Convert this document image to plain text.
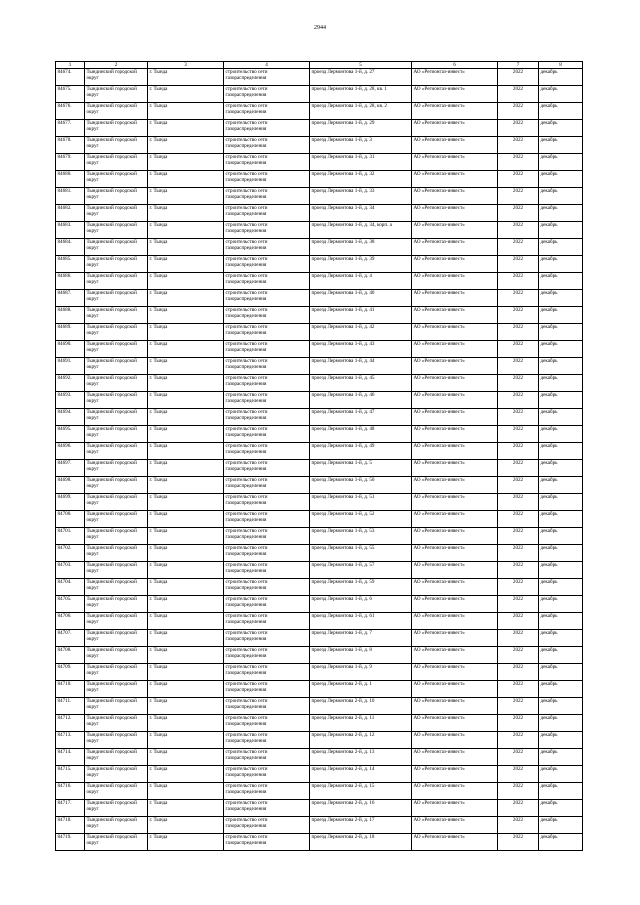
2944
1	2	3	4	5	6	7	8
84674.	Тындинский городской округ	г. Тында	строительство сети газораспределения	проезд Лермонтова 1-й, д. 27	АО «Регионгаз-инвест»	2022	декабрь
84675.	Тындинский городской округ	г. Тында	строительство сети газораспределения	проезд Лермонтова 1-й, д. 28, кв. 1	АО «Регионгаз-инвест»	2022	декабрь
84676.	Тындинский городской округ	г. Тында	строительство сети газораспределения	проезд Лермонтова 1-й, д. 28, кв. 2	АО «Регионгаз-инвест»	2022	декабрь
84677.	Тындинский городской округ	г. Тында	строительство сети газораспределения	проезд Лермонтова 1-й, д. 29	АО «Регионгаз-инвест»	2022	декабрь
84678.	Тындинский городской округ	г. Тында	строительство сети газораспределения	проезд Лермонтова 1-й, д. 3	АО «Регионгаз-инвест»	2022	декабрь
84679.	Тындинский городской округ	г. Тында	строительство сети газораспределения	проезд Лермонтова 1-й, д. 31	АО «Регионгаз-инвест»	2022	декабрь
84680.	Тындинский городской округ	г. Тында	строительство сети газораспределения	проезд Лермонтова 1-й, д. 32	АО «Регионгаз-инвест»	2022	декабрь
84681.	Тындинский городской округ	г. Тында	строительство сети газораспределения	проезд Лермонтова 1-й, д. 33	АО «Регионгаз-инвест»	2022	декабрь
84682.	Тындинский городской округ	г. Тында	строительство сети газораспределения	проезд Лермонтова 1-й, д. 34	АО «Регионгаз-инвест»	2022	декабрь
84683.	Тындинский городской округ	г. Тында	строительство сети газораспределения	проезд Лермонтова 1-й, д. 34, корп. а	АО «Регионгаз-инвест»	2022	декабрь
84684.	Тындинский городской округ	г. Тында	строительство сети газораспределения	проезд Лермонтова 1-й, д. 38	АО «Регионгаз-инвест»	2022	декабрь
84685.	Тындинский городской округ	г. Тында	строительство сети газораспределения	проезд Лермонтова 1-й, д. 39	АО «Регионгаз-инвест»	2022	декабрь
84686.	Тындинский городской округ	г. Тында	строительство сети газораспределения	проезд Лермонтова 1-й, д. 4	АО «Регионгаз-инвест»	2022	декабрь
84687.	Тындинский городской округ	г. Тында	строительство сети газораспределения	проезд Лермонтова 1-й, д. 40	АО «Регионгаз-инвест»	2022	декабрь
84688.	Тындинский городской округ	г. Тында	строительство сети газораспределения	проезд Лермонтова 1-й, д. 41	АО «Регионгаз-инвест»	2022	декабрь
84689.	Тындинский городской округ	г. Тында	строительство сети газораспределения	проезд Лермонтова 1-й, д. 42	АО «Регионгаз-инвест»	2022	декабрь
84690.	Тындинский городской округ	г. Тында	строительство сети газораспределения	проезд Лермонтова 1-й, д. 43	АО «Регионгаз-инвест»	2022	декабрь
84691.	Тындинский городской округ	г. Тында	строительство сети газораспределения	проезд Лермонтова 1-й, д. 44	АО «Регионгаз-инвест»	2022	декабрь
84692.	Тындинский городской округ	г. Тында	строительство сети газораспределения	проезд Лермонтова 1-й, д. 45	АО «Регионгаз-инвест»	2022	декабрь
84693.	Тындинский городской округ	г. Тында	строительство сети газораспределения	проезд Лермонтова 1-й, д. 46	АО «Регионгаз-инвест»	2022	декабрь
84694.	Тындинский городской округ	г. Тында	строительство сети газораспределения	проезд Лермонтова 1-й, д. 47	АО «Регионгаз-инвест»	2022	декабрь
84695.	Тындинский городской округ	г. Тында	строительство сети газораспределения	проезд Лермонтова 1-й, д. 48	АО «Регионгаз-инвест»	2022	декабрь
84696.	Тындинский городской округ	г. Тында	строительство сети газораспределения	проезд Лермонтова 1-й, д. 49	АО «Регионгаз-инвест»	2022	декабрь
84697.	Тындинский городской округ	г. Тында	строительство сети газораспределения	проезд Лермонтова 1-й, д. 5	АО «Регионгаз-инвест»	2022	декабрь
84698.	Тындинский городской округ	г. Тында	строительство сети газораспределения	проезд Лермонтова 1-й, д. 50	АО «Регионгаз-инвест»	2022	декабрь
84699.	Тындинский городской округ	г. Тында	строительство сети газораспределения	проезд Лермонтова 1-й, д. 51	АО «Регионгаз-инвест»	2022	декабрь
84700.	Тындинский городской округ	г. Тында	строительство сети газораспределения	проезд Лермонтова 1-й, д. 52	АО «Регионгаз-инвест»	2022	декабрь
84701.	Тындинский городской округ	г. Тында	строительство сети газораспределения	проезд Лермонтова 1-й, д. 53	АО «Регионгаз-инвест»	2022	декабрь
84702.	Тындинский городской округ	г. Тында	строительство сети газораспределения	проезд Лермонтова 1-й, д. 55	АО «Регионгаз-инвест»	2022	декабрь
84703.	Тындинский городской округ	г. Тында	строительство сети газораспределения	проезд Лермонтова 1-й, д. 57	АО «Регионгаз-инвест»	2022	декабрь
84704.	Тындинский городской округ	г. Тында	строительство сети газораспределения	проезд Лермонтова 1-й, д. 59	АО «Регионгаз-инвест»	2022	декабрь
84705.	Тындинский городской округ	г. Тында	строительство сети газораспределения	проезд Лермонтова 1-й, д. 6	АО «Регионгаз-инвест»	2022	декабрь
84706.	Тындинский городской округ	г. Тында	строительство сети газораспределения	проезд Лермонтова 1-й, д. 61	АО «Регионгаз-инвест»	2022	декабрь
84707.	Тындинский городской округ	г. Тында	строительство сети газораспределения	проезд Лермонтова 1-й, д. 7	АО «Регионгаз-инвест»	2022	декабрь
84708.	Тындинский городской округ	г. Тында	строительство сети газораспределения	проезд Лермонтова 1-й, д. 8	АО «Регионгаз-инвест»	2022	декабрь
84709.	Тындинский городской округ	г. Тында	строительство сети газораспределения	проезд Лермонтова 1-й, д. 9	АО «Регионгаз-инвест»	2022	декабрь
84710.	Тындинский городской округ	г. Тында	строительство сети газораспределения	проезд Лермонтова 2-й, д. 1	АО «Регионгаз-инвест»	2022	декабрь
84711.	Тындинский городской округ	г. Тында	строительство сети газораспределения	проезд Лермонтова 2-й, д. 10	АО «Регионгаз-инвест»	2022	декабрь
84712.	Тындинский городской округ	г. Тында	строительство сети газораспределения	проезд Лермонтова 2-й, д. 11	АО «Регионгаз-инвест»	2022	декабрь
84713.	Тындинский городской округ	г. Тында	строительство сети газораспределения	проезд Лермонтова 2-й, д. 12	АО «Регионгаз-инвест»	2022	декабрь
84714.	Тындинский городской округ	г. Тында	строительство сети газораспределения	проезд Лермонтова 2-й, д. 13	АО «Регионгаз-инвест»	2022	декабрь
84715.	Тындинский городской округ	г. Тында	строительство сети газораспределения	проезд Лермонтова 2-й, д. 14	АО «Регионгаз-инвест»	2022	декабрь
84716.	Тындинский городской округ	г. Тында	строительство сети газораспределения	проезд Лермонтова 2-й, д. 15	АО «Регионгаз-инвест»	2022	декабрь
84717.	Тындинский городской округ	г. Тында	строительство сети газораспределения	проезд Лермонтова 2-й, д. 16	АО «Регионгаз-инвест»	2022	декабрь
84718.	Тындинский городской округ	г. Тында	строительство сети газораспределения	проезд Лермонтова 2-й, д. 17	АО «Регионгаз-инвест»	2022	декабрь
84719.	Тындинский городской округ	г. Тында	строительство сети газораспределения	проезд Лермонтова 2-й, д. 18	АО «Регионгаз-инвест»	2022	декабрь
